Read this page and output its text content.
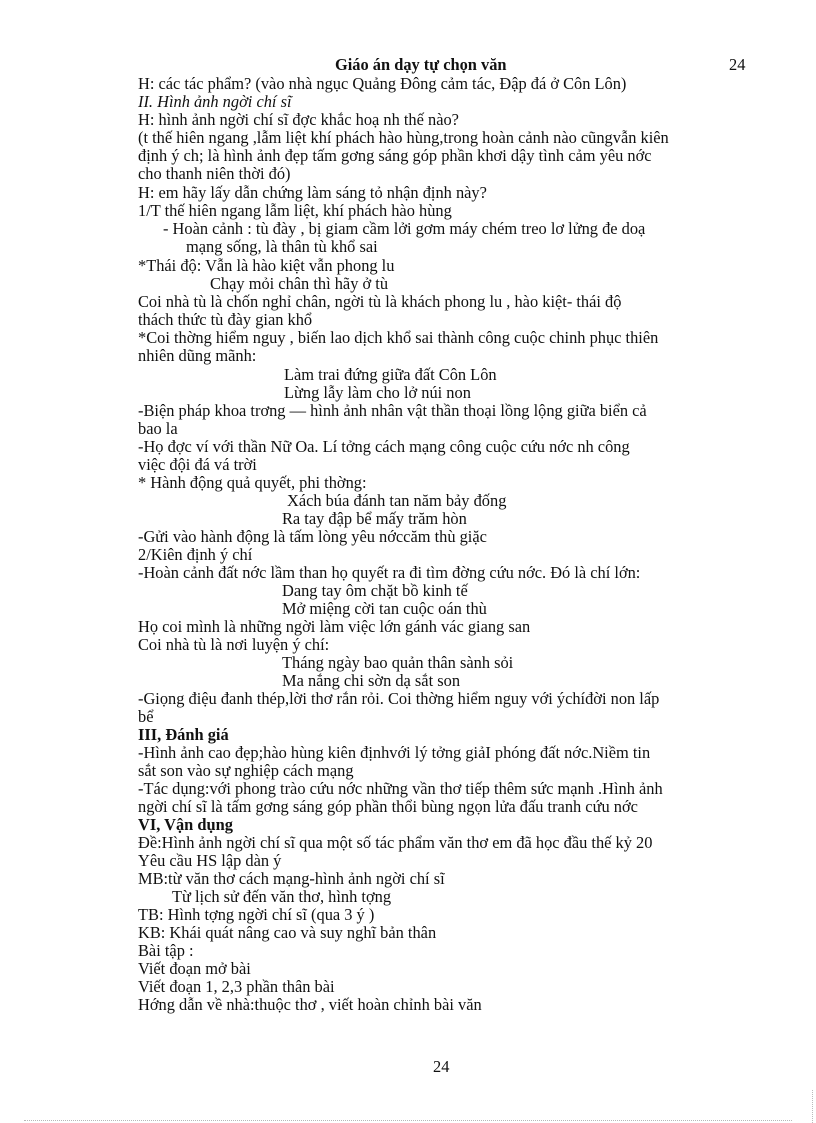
Giáo án dạy tự chọn văn	24
H: các tác phẩm? (vào nhà ngục Quảng Đông cảm tác, Đập đá ở Côn Lôn)
II. Hình ảnh ngời chí sĩ
H: hình ảnh ngời chí sĩ đợc khắc hoạ nh thế nào?
(t thế hiên ngang ,lẫm liệt khí phách hào hùng,trong hoàn cảnh nào cũngvẫn kiên
định ý ch; là hình ảnh đẹp tấm gơng sáng góp phần khơi dậy tình cảm yêu nớc
cho thanh niên thời đó)
H: em hãy lấy dẫn chứng làm sáng tỏ nhận định này?
1/T thế hiên ngang lẫm liệt, khí phách hào hùng
- Hoàn cảnh : tù đày , bị giam cầm lởi gơm máy chém treo lơ lửng đe doạ
mạng sống, là thân tù khổ sai
*Thái độ: Vẫn là hào kiệt vẫn phong lu
Chạy mỏi chân thì hãy ở tù
Coi nhà tù là chốn nghỉ chân, ngời tù là khách phong lu , hào kiệt- thái độ
thách thức tù đày gian khổ
*Coi thờng hiểm nguy , biến lao dịch khổ sai thành công cuộc chinh phục thiên
nhiên dũng mãnh:
Làm trai đứng giữa đất Côn Lôn
Lừng lẫy làm cho lở núi non
-Biện pháp khoa trơng — hình ảnh nhân vật thần thoại lồng lộng giữa biển cả
bao la
-Họ đợc ví với thần Nữ Oa. Lí tởng cách mạng công cuộc cứu nớc nh công
việc đội đá vá trời
* Hành động quả quyết, phi thờng:
Xách búa đánh tan năm bảy đống
Ra tay đập bể mấy trăm hòn
-Gửi vào hành động là tấm lòng yêu nớccăm thù giặc
2/Kiên định ý chí
-Hoàn cảnh đất nớc lầm than họ quyết ra đi tìm đờng cứu nớc. Đó là chí lớn:
Dang tay ôm chặt bồ kinh tế
Mở miệng cời tan cuộc oán thù
Họ coi mình là những ngời làm việc lớn gánh vác giang san
Coi nhà tù là nơi luyện ý chí:
Tháng ngày bao quản thân sành sỏi
Ma nắng chi sờn dạ sắt son
-Giọng điệu đanh thép,lời thơ rắn rỏi. Coi thờng hiểm nguy với ýchíđời non lấp
bể
III, Đánh giá
-Hình ảnh cao đẹp;hào hùng kiên địnhvới lý tởng giảI phóng đất nớc.Niềm tin
sắt son vào sự nghiệp cách mạng
-Tác dụng:với phong trào cứu nớc những vần thơ tiếp thêm sức mạnh .Hình ảnh
ngời chí sĩ là tấm gơng sáng góp phần thổi bùng ngọn lửa đấu tranh cứu nớc
VI, Vận dụng
Đề:Hình ảnh ngời chí sĩ qua một số tác phẩm văn thơ em đã học đầu thế kỷ 20
Yêu cầu HS lập dàn ý
MB:từ văn thơ cách mạng-hình ảnh ngời chí sĩ
Từ lịch sử đến văn thơ, hình tợng
TB: Hình tợng ngời chí sĩ (qua 3 ý )
KB: Khái quát nâng cao và suy nghĩ bản thân
Bài tập :
Viết đoạn mở bài
Viết đoạn 1, 2,3 phần thân bài
Hớng dẫn về nhà:thuộc thơ , viết hoàn chỉnh bài văn
24
